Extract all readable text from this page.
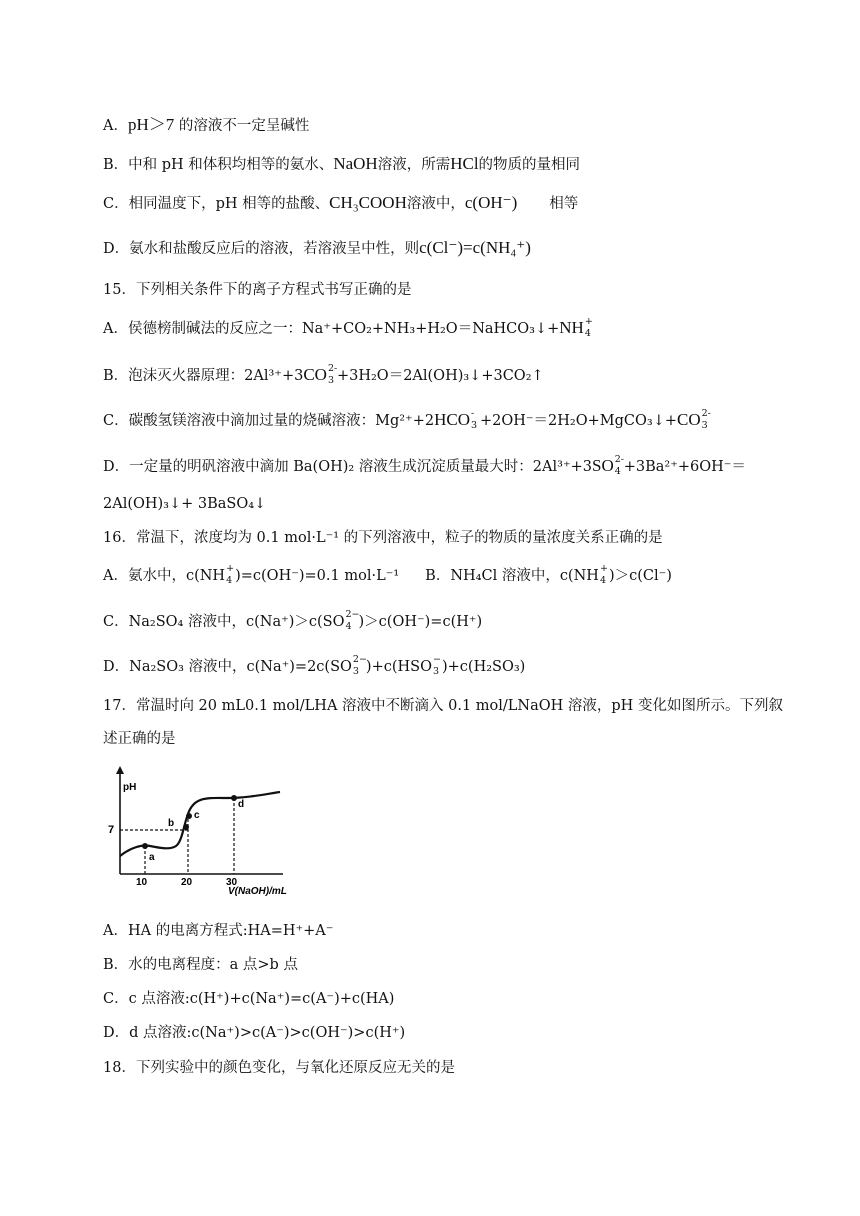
A．pH＞7 的溶液不一定呈碱性
B．中和 pH 和体积均相等的氨水、NaOH溶液，所需HCl的物质的量相同
C．相同温度下，pH 相等的盐酸、CH₃COOH溶液中，c(OH⁻) 相等
D．氨水和盐酸反应后的溶液，若溶液呈中性，则c(Cl⁻)=c(NH₄⁺)
15．下列相关条件下的离子方程式书写正确的是
A．侯德榜制碱法的反应之一：Na⁺+CO₂+NH₃+H₂O＝NaHCO₃↓+NH +
4
B．泡沫灭火器原理：2Al³⁺+3CO 2-
3 +3H₂O＝2Al(OH)₃↓+3CO₂↑
C．碳酸氢镁溶液中滴加过量的烧碱溶液：Mg²⁺+2HCO -
3 +2OH⁻＝2H₂O+MgCO₃↓+CO 2-
3
D．一定量的明矾溶液中滴加 Ba(OH)₂ 溶液生成沉淀质量最大时：2Al³⁺+3SO 2-
4 +3Ba²⁺+6OH⁻＝
2Al(OH)₃↓+ 3BaSO₄↓
16．常温下，浓度均为 0.1 mol·L⁻¹ 的下列溶液中，粒子的物质的量浓度关系正确的是
A．氨水中，c(NH +
4 )=c(OH⁻)=0.1 mol·L⁻¹ B．NH₄Cl 溶液中，c(NH +
4 )＞c(Cl⁻)
C．Na₂SO₄ 溶液中，c(Na⁺)＞c(SO 2−
4 )＞c(OH⁻)=c(H⁺)
D．Na₂SO₃ 溶液中，c(Na⁺)=2c(SO 2−
3 )+c(HSO −
3 )+c(H₂SO₃)
17．常温时向 20 mL0.1 mol/LHA 溶液中不断滴入 0.1 mol/LNaOH 溶液，pH 变化如图所示。下列叙
述正确的是
pH
7
a
b
c
d
10	20	30
V(NaOH)/mL
A．HA 的电离方程式:HA=H⁺+A⁻
B．水的电离程度：a 点>b 点
C．c 点溶液:c(H⁺)+c(Na⁺)=c(A⁻)+c(HA)
D．d 点溶液:c(Na⁺)>c(A⁻)>c(OH⁻)>c(H⁺)
18．下列实验中的颜色变化，与氧化还原反应无关的是
